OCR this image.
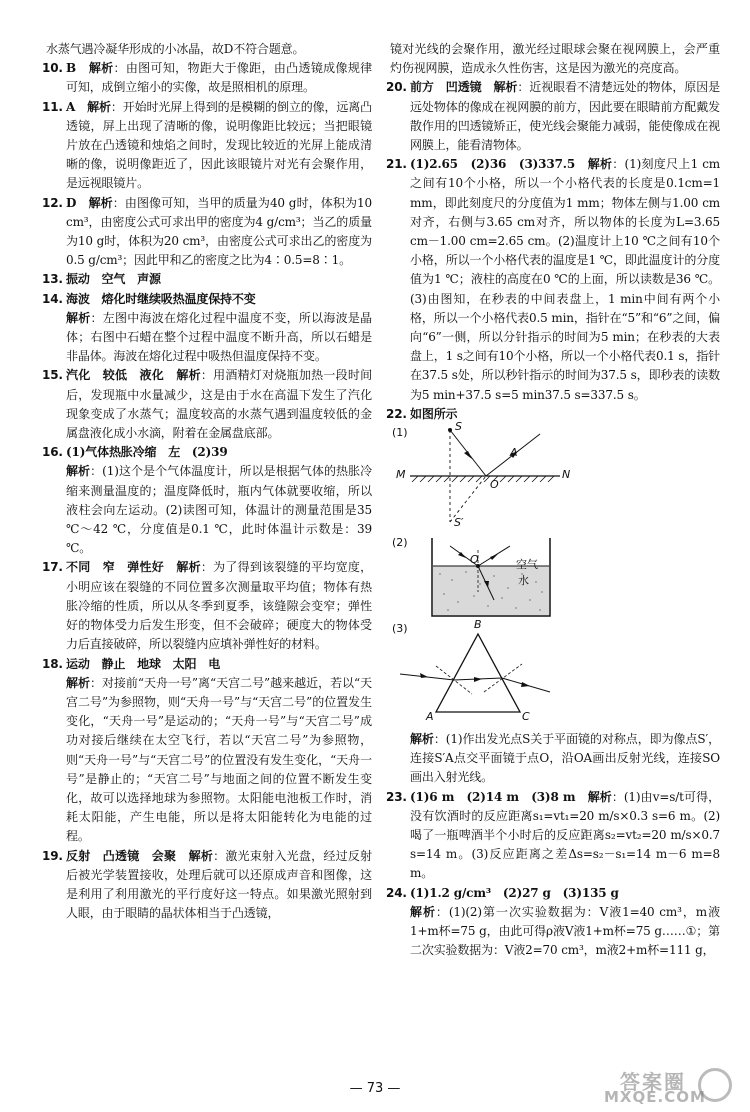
水蒸气遇冷凝华形成的小冰晶，故D不符合题意。
10. B　 解析：由图可知，物距大于像距，由凸透镜成像规律可知，成倒立缩小的实像，故是照相机的原理。
11. A　 解析：开始时光屏上得到的是模糊的倒立的像，远离凸透镜，屏上出现了清晰的像，说明像距比较远；当把眼镜片放在凸透镜和烛焰之间时，发现比较近的光屏上能成清晰的像，说明像距近了，因此该眼镜片对光有会聚作用，是远视眼镜片。
12. D　 解析：由图像可知，当甲的质量为40 g时，体积为10 cm³，由密度公式可求出甲的密度为4 g/cm³；当乙的质量为10 g时，体积为20 cm³，由密度公式可求出乙的密度为0.5 g/cm³；因此甲和乙的密度之比为4∶0.5=8∶1。
13. 振动　空气　声源
14. 海波　熔化时继续吸热温度保持不变
解析：左图中海波在熔化过程中温度不变，所以海波是晶体；右图中石蜡在整个过程中温度不断升高，所以石蜡是非晶体。海波在熔化过程中吸热但温度保持不变。
15. 汽化　较低　液化　 解析：用酒精灯对烧瓶加热一段时间后，发现瓶中水量减少，这是由于水在高温下发生了汽化现象变成了水蒸气；温度较高的水蒸气遇到温度较低的金属盘液化成小水滴，附着在金属盘底部。
16. (1)气体热胀冷缩　左　(2)39
解析：(1)这个是个气体温度计，所以是根据气体的热胀冷缩来测量温度的；温度降低时，瓶内气体就要收缩，所以液柱会向左运动。(2)读图可知，体温计的测量范围是35 ℃～42 ℃，分度值是0.1 ℃，此时体温计示数是：39 ℃。
17. 不同　窄　弹性好　 解析：为了得到该裂缝的平均宽度，小明应该在裂缝的不同位置多次测量取平均值；物体有热胀冷缩的性质，所以从冬季到夏季，该缝隙会变窄；弹性好的物体受力后发生形变，但不会破碎；硬度大的物体受力后直接破碎，所以裂缝内应填补弹性好的材料。
18. 运动　静止　地球　太阳　电
解析：对接前“天舟一号”离“天宫二号”越来越近，若以“天宫二号”为参照物，则“天舟一号”与“天宫二号”的位置发生变化，“天舟一号”是运动的；“天舟一号”与“天宫二号”成功对接后继续在太空飞行，若以“天宫二号”为参照物，则“天舟一号”与“天宫二号”的位置没有发生变化，“天舟一号”是静止的；“天宫二号”与地面之间的位置不断发生变化，故可以选择地球为参照物。太阳能电池板工作时，消耗太阳能，产生电能，所以是将太阳能转化为电能的过程。
19. 反射　凸透镜　会聚　 解析：激光束射入光盘，经过反射后被光学装置接收，处理后就可以还原成声音和图像，这是利用了利用激光的平行度好这一特点。如果激光照射到人眼，由于眼睛的晶状体相当于凸透镜，
镜对光线的会聚作用，激光经过眼球会聚在视网膜上，会严重灼伤视网膜，造成永久性伤害，这是因为激光的亮度高。
20. 前方　凹透镜　 解析：近视眼看不清楚远处的物体，原因是远处物体的像成在视网膜的前方，因此要在眼睛前方配戴发散作用的凹透镜矫正，使光线会聚能力减弱，能使像成在视网膜上，能看清物体。
21. (1)2.65　(2)36　(3)337.5　 解析：(1)刻度尺上1 cm之间有10个小格，所以一个小格代表的长度是0.1cm=1 mm，即此刻度尺的分度值为1 mm；物体左侧与1.00 cm对齐，右侧与3.65 cm对齐，所以物体的长度为L=3.65 cm－1.00 cm=2.65 cm。(2)温度计上10 ℃之间有10个小格，所以一个小格代表的温度是1 ℃，即此温度计的分度值为1 ℃；液柱的高度在0 ℃的上面，所以读数是36 ℃。(3)由图知，在秒表的中间表盘上，1 min中间有两个小格，所以一个小格代表0.5 min，指针在“5”和“6”之间，偏向“6”一侧，所以分针指示的时间为5 min；在秒表的大表盘上，1 s之间有10个小格，所以一个小格代表0.1 s，指针在37.5 s处，所以秒针指示的时间为37.5 s，即秒表的读数为5 min+37.5 s=5 min37.5 s=337.5 s。
22. 如图所示
(1)	S
A
M	N
O
S′
(2)
O	空气
水
(3)	B
A	C
解析：(1)作出发光点S关于平面镜的对称点，即为像点S′，连接S′A点交平面镜于点O，沿OA画出反射光线，连接SO画出入射光线。
23. (1)6 m　(2)14 m　(3)8 m　 解析：(1)由v=s/t可得，没有饮酒时的反应距离s₁=vt₁=20 m/s×0.3 s=6 m。(2)喝了一瓶啤酒半个小时后的反应距离s₂=vt₂=20 m/s×0.7 s=14 m。(3)反应距离之差Δs=s₂－s₁=14 m－6 m=8 m。
24. (1)1.2 g/cm³　(2)27 g　(3)135 g
解析：(1)(2)第一次实验数据为：V液1=40 cm³，m液1+m杯=75 g，由此可得ρ液V液1+m杯=75 g……①；第二次实验数据为：V液2=70 cm³，m液2+m杯=111 g，
— 73 —	答案圈
MXQE.COM
